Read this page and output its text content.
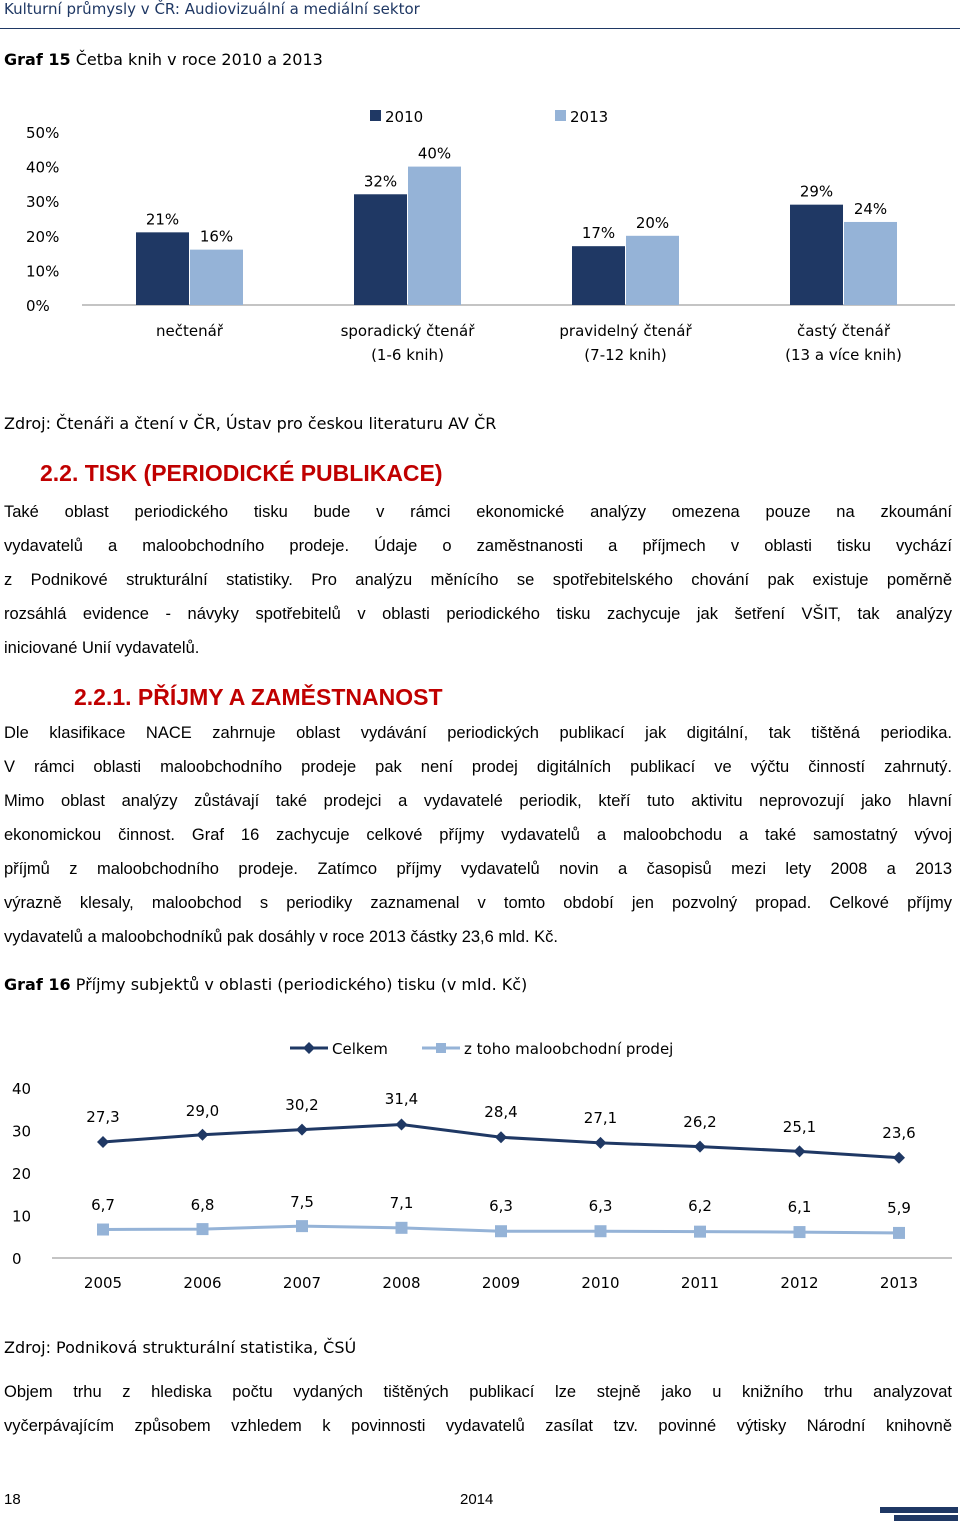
Kulturní průmysly v ČR: Audiovizuální a mediální sektor
Graf 15 Četba knih v roce 2010 a 2013
0%
10%
20%
30%
40%
50%
2010	2013
21%
32%
17%
29%
16%
40%
20%
24%
nečtenář	sporadický čtenář
(1-6 knih)
pravidelný čtenář
(7-12 knih)
častý čtenář
(13 a více knih)
Zdroj: Čtenáři a čtení v ČR, Ústav pro českou literaturu AV ČR
2.2. TISK (PERIODICKÉ PUBLIKACE)
Také oblast periodického tisku bude v rámci ekonomické analýzy omezena pouze na zkoumání
vydavatelů a maloobchodního prodeje. Údaje o zaměstnanosti a příjmech v oblasti tisku vychází
z Podnikové strukturální statistiky. Pro analýzu měnícího se spotřebitelského chování pak existuje poměrně
rozsáhlá evidence - návyky spotřebitelů v oblasti periodického tisku zachycuje jak šetření VŠIT, tak analýzy
iniciované Unií vydavatelů.
2.2.1. PŘÍJMY A ZAMĚSTNANOST
Dle klasifikace NACE zahrnuje oblast vydávání periodických publikací jak digitální, tak tištěná periodika.
V rámci oblasti maloobchodního prodeje pak není prodej digitálních publikací ve výčtu činností zahrnutý.
Mimo oblast analýzy zůstávají také prodejci a vydavatelé periodik, kteří tuto aktivitu neprovozují jako hlavní
ekonomickou činnost. Graf 16 zachycuje celkové příjmy vydavatelů a maloobchodu a také samostatný vývoj
příjmů z maloobchodního prodeje. Zatímco příjmy vydavatelů novin a časopisů mezi lety 2008 a 2013
výrazně klesaly, maloobchod s periodiky zaznamenal v tomto období jen pozvolný propad. Celkové příjmy
vydavatelů a maloobchodníků pak dosáhly v roce 2013 částky 23,6 mld. Kč.
Graf 16 Příjmy subjektů v oblasti (periodického) tisku (v mld. Kč)
0
10
20
30
40
Celkem	z toho maloobchodní prodej
27,3	29,0	30,2	31,4
28,4	27,1	26,2	25,1	23,6
6,7	6,8	7,5	7,1	6,3	6,3	6,2	6,1	5,9
2005	2006	2007	2008	2009	2010	2011	2012	2013
Zdroj: Podniková strukturální statistika, ČSÚ
Objem trhu z hlediska počtu vydaných tištěných publikací lze stejně jako u knižního trhu analyzovat
vyčerpávajícím způsobem vzhledem k povinnosti vydavatelů zasílat tzv. povinné výtisky Národní knihovně
18	2014
